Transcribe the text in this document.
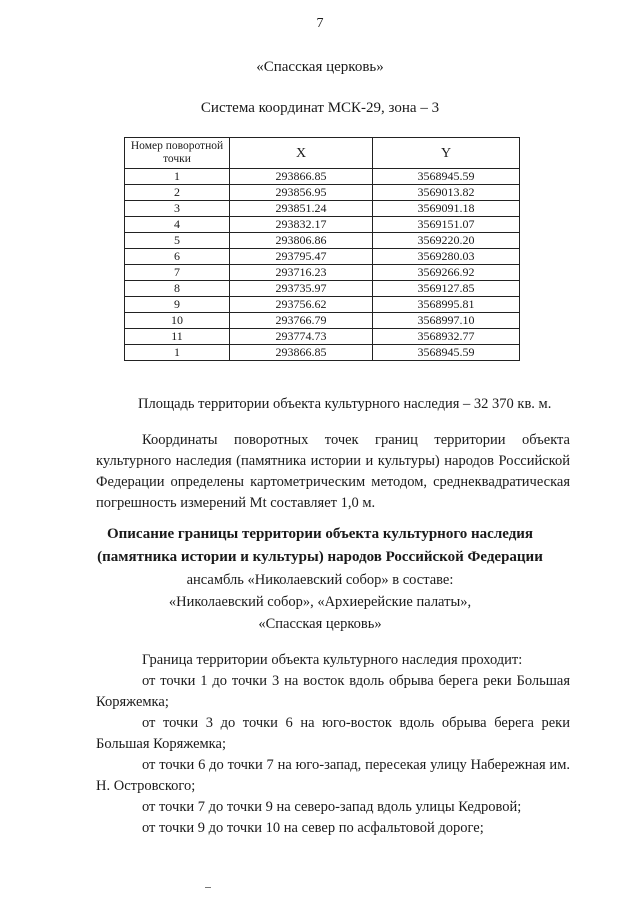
7
«Спасская церковь»
Система координат МСК-29, зона – 3
Номер поворотной точки	X	Y
1	293866.85	3568945.59
2	293856.95	3569013.82
3	293851.24	3569091.18
4	293832.17	3569151.07
5	293806.86	3569220.20
6	293795.47	3569280.03
7	293716.23	3569266.92
8	293735.97	3569127.85
9	293756.62	3568995.81
10	293766.79	3568997.10
11	293774.73	3568932.77
1	293866.85	3568945.59
Площадь территории объекта культурного наследия – 32 370 кв. м.
Координаты поворотных точек границ территории объекта культурного наследия (памятника истории и культуры) народов Российской Федерации определены картометрическим методом, среднеквадратическая погрешность измерений Mt составляет 1,0 м.
Описание границы территории объекта культурного наследия
(памятника истории и культуры) народов Российской Федерации
ансамбль «Николаевский собор» в составе:
«Николаевский собор», «Архиерейские палаты»,
«Спасская церковь»
Граница территории объекта культурного наследия проходит:
от точки 1 до точки 3 на восток вдоль обрыва берега реки Большая Коряжемка;
от точки 3 до точки 6 на юго-восток вдоль обрыва берега реки Большая Коряжемка;
от точки 6 до точки 7 на юго-запад, пересекая улицу Набережная им. Н. Островского;
от точки 7 до точки 9 на северо-запад вдоль улицы Кедровой;
от точки 9 до точки 10 на север по асфальтовой дороге;
